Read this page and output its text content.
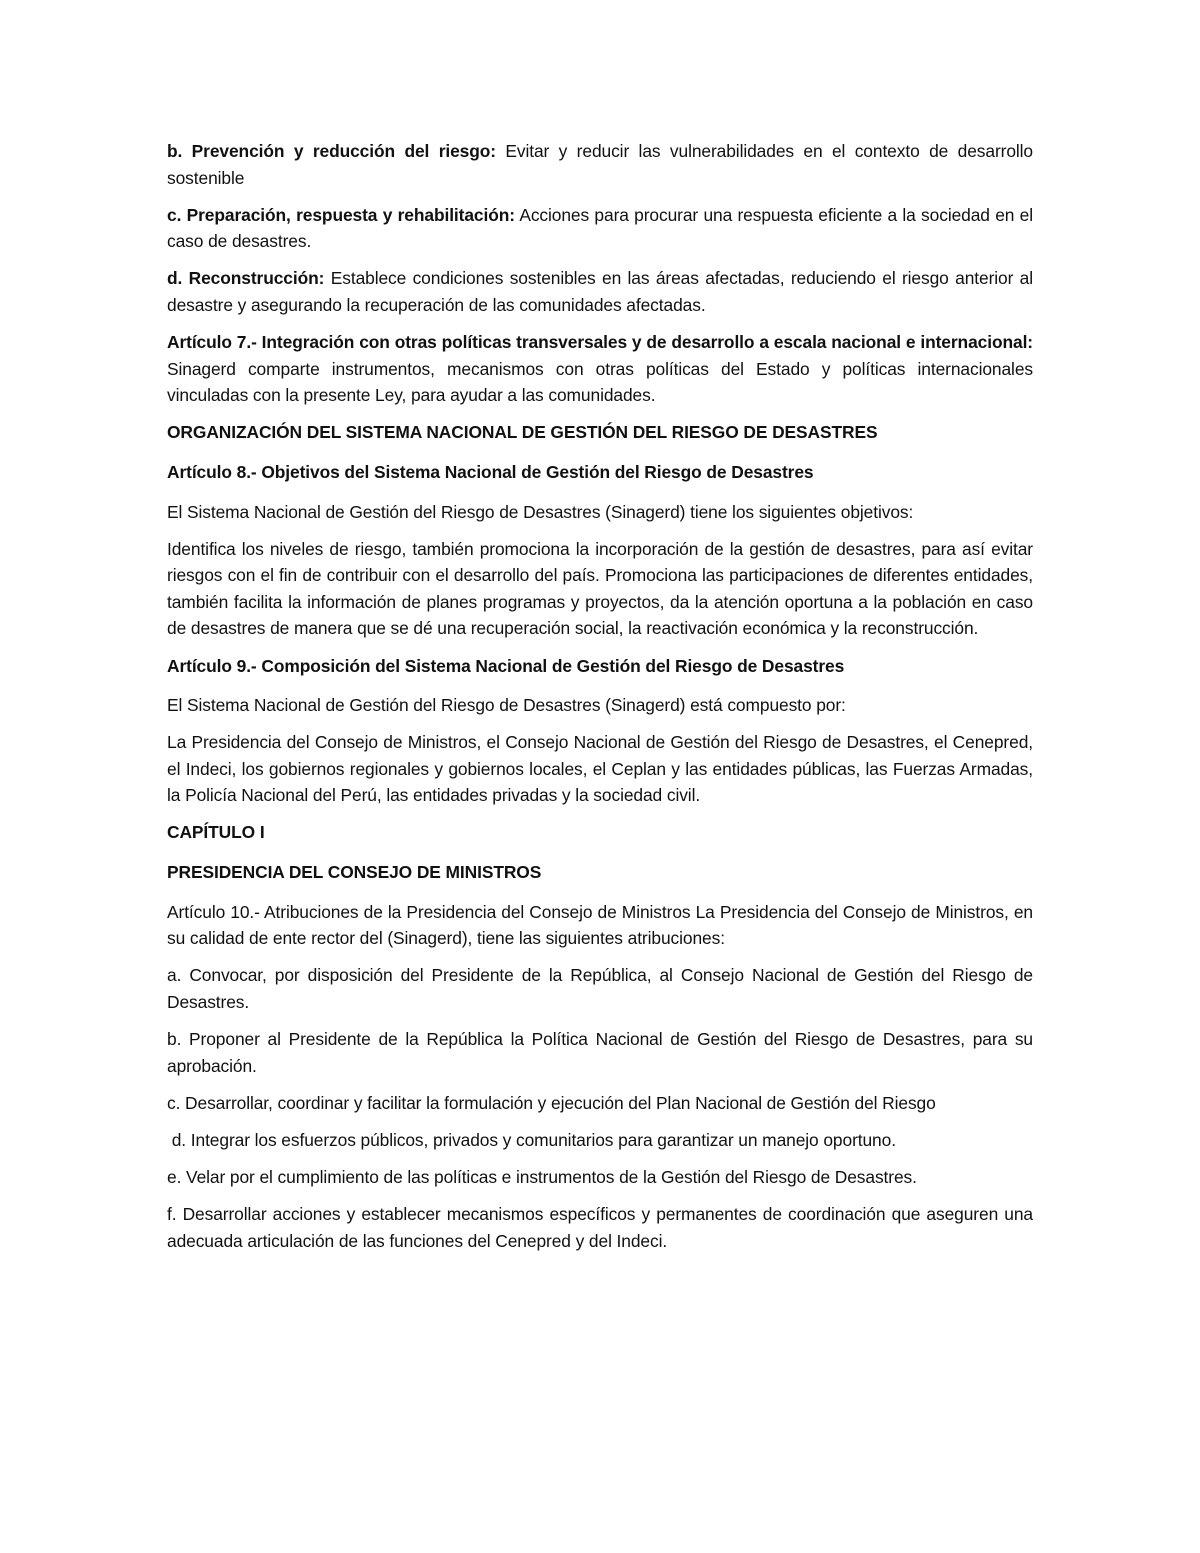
b. Prevención y reducción del riesgo: Evitar y reducir las vulnerabilidades en el contexto de desarrollo sostenible

c. Preparación, respuesta y rehabilitación: Acciones para procurar una respuesta eficiente a la sociedad en el caso de desastres.

d. Reconstrucción: Establece condiciones sostenibles en las áreas afectadas, reduciendo el riesgo anterior al desastre y asegurando la recuperación de las comunidades afectadas.

Artículo 7.- Integración con otras políticas transversales y de desarrollo a escala nacional e internacional: Sinagerd comparte instrumentos, mecanismos con otras políticas del Estado y políticas internacionales vinculadas con la presente Ley, para ayudar a las comunidades.

ORGANIZACIÓN DEL SISTEMA NACIONAL DE GESTIÓN DEL RIESGO DE DESASTRES

Artículo 8.- Objetivos del Sistema Nacional de Gestión del Riesgo de Desastres

El Sistema Nacional de Gestión del Riesgo de Desastres (Sinagerd) tiene los siguientes objetivos:

Identifica los niveles de riesgo, también promociona la incorporación de la gestión de desastres, para así evitar riesgos con el fin de contribuir con el desarrollo del país. Promociona las participaciones de diferentes entidades, también facilita la información de planes programas y proyectos, da la atención oportuna a la población en caso de desastres de manera que se dé una recuperación social, la reactivación económica y la reconstrucción.

Artículo 9.- Composición del Sistema Nacional de Gestión del Riesgo de Desastres

El Sistema Nacional de Gestión del Riesgo de Desastres (Sinagerd) está compuesto por:

La Presidencia del Consejo de Ministros, el Consejo Nacional de Gestión del Riesgo de Desastres, el Cenepred, el Indeci, los gobiernos regionales y gobiernos locales, el Ceplan y las entidades públicas, las Fuerzas Armadas, la Policía Nacional del Perú, las entidades privadas y la sociedad civil.

CAPÍTULO I

PRESIDENCIA DEL CONSEJO DE MINISTROS

Artículo 10.- Atribuciones de la Presidencia del Consejo de Ministros La Presidencia del Consejo de Ministros, en su calidad de ente rector del (Sinagerd), tiene las siguientes atribuciones:

a. Convocar, por disposición del Presidente de la República, al Consejo Nacional de Gestión del Riesgo de Desastres.

b. Proponer al Presidente de la República la Política Nacional de Gestión del Riesgo de Desastres, para su aprobación.

c. Desarrollar, coordinar y facilitar la formulación y ejecución del Plan Nacional de Gestión del Riesgo

d. Integrar los esfuerzos públicos, privados y comunitarios para garantizar un manejo oportuno.

e. Velar por el cumplimiento de las políticas e instrumentos de la Gestión del Riesgo de Desastres.

f. Desarrollar acciones y establecer mecanismos específicos y permanentes de coordinación que aseguren una adecuada articulación de las funciones del Cenepred y del Indeci.
